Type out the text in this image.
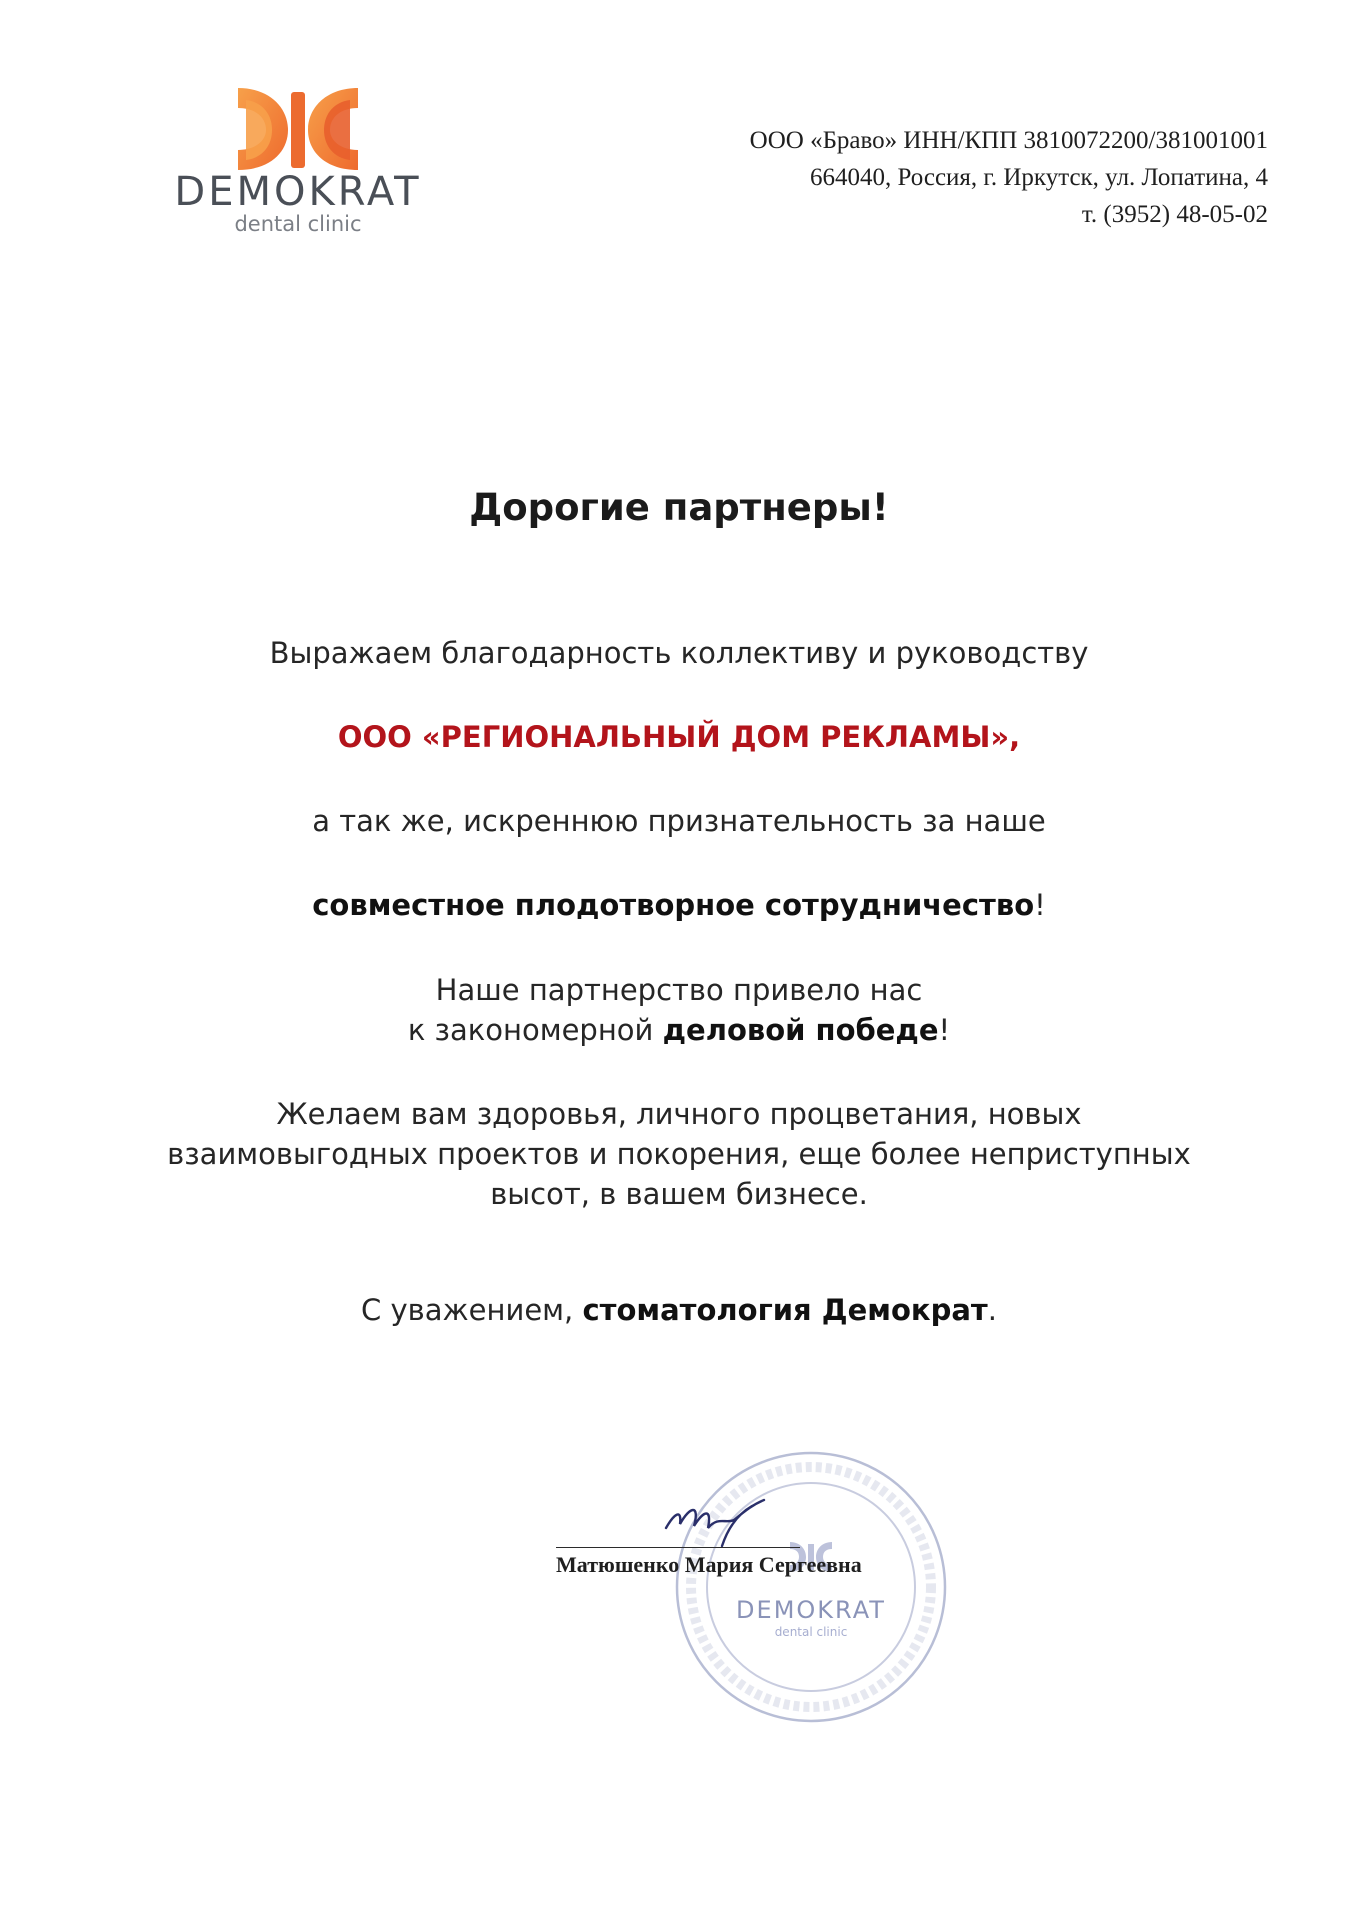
DEMOKRAT
dental clinic
ООО «Браво» ИНН/КПП 3810072200/381001001
664040, Россия, г. Иркутск, ул. Лопатина, 4
т. (3952) 48-05-02
Дорогие партнеры!
Выражаем благодарность коллективу и руководству
ООО «РЕГИОНАЛЬНЫЙ ДОМ РЕКЛАМЫ»,
а так же, искреннюю признательность за наше
совместное плодотворное сотрудничество!
Наше партнерство привело нас
к закономерной деловой победе!
Желаем вам здоровья, личного процветания, новых
взаимовыгодных проектов и покорения, еще более неприступных
высот, в вашем бизнесе.
С уважением, стоматология Демократ.
DEMOKRAT
dental clinic
Матюшенко Мария Сергеевна
